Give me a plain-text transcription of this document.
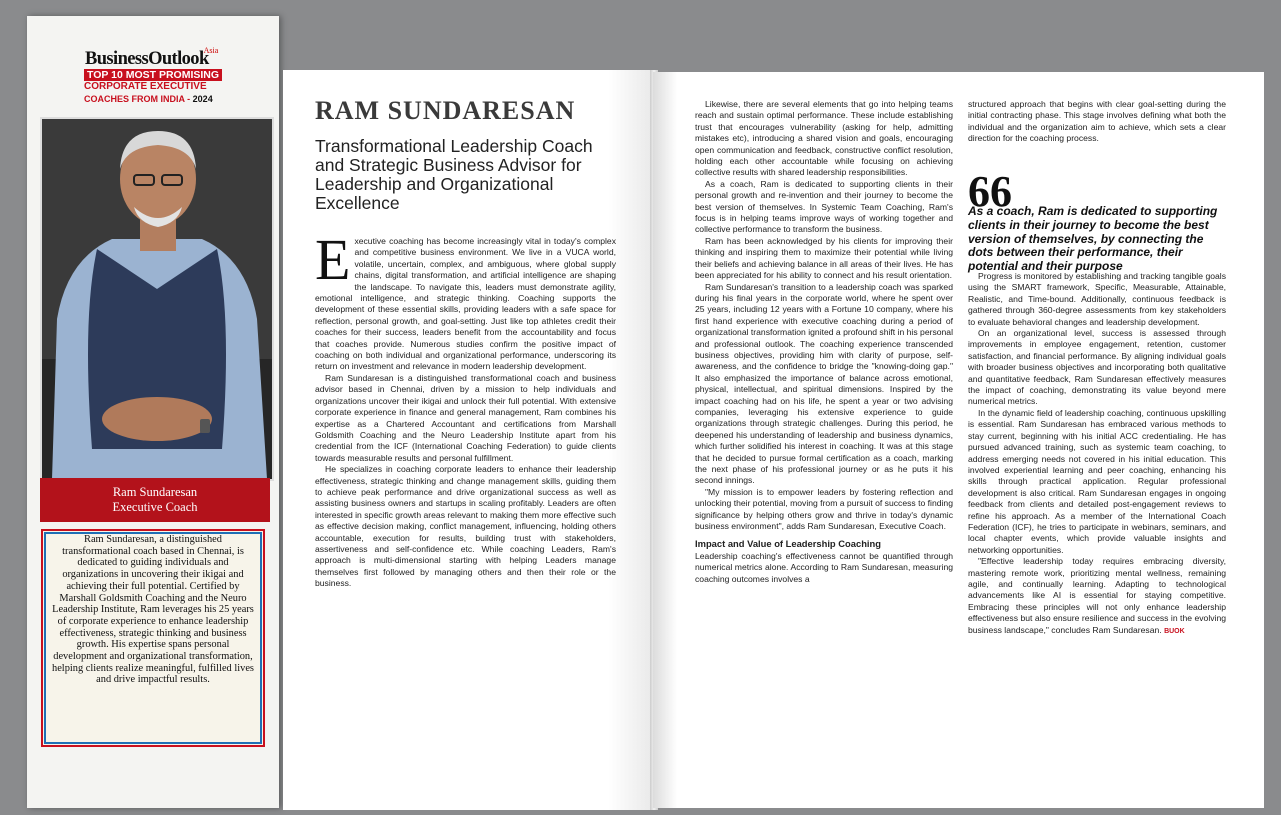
Asia
BusinessOutlook
TOP 10 MOST PROMISING
CORPORATE EXECUTIVE
COACHES FROM INDIA - 2024
Ram Sundaresan
Executive Coach
Ram Sundaresan, a distinguished transformational coach based in Chennai, is dedicated to guiding individuals and organizations in uncovering their ikigai and achieving their full potential. Certified by Marshall Goldsmith Coaching and the Neuro Leadership Institute, Ram leverages his 25 years of corporate experience to enhance leadership effectiveness, strategic thinking and business growth. His expertise spans personal development and organizational transformation, helping clients realize meaningful, fulfilled lives and drive impactful results.
RAM SUNDARESAN
Transformational Leadership Coach and Strategic Business Advisor for Leadership and Organizational Excellence

Executive coaching has become increasingly vital in today's complex and competitive business environment. We live in a VUCA world, volatile, uncertain, complex, and ambiguous, where global supply chains, digital transformation, and artificial intelligence are shaping the landscape. To navigate this, leaders must demonstrate agility, emotional intelligence, and strategic thinking. Coaching supports the development of these essential skills, providing leaders with a safe space for reflection, personal growth, and goal-setting. Just like top athletes credit their coaches for their success, leaders benefit from the accountability and focus that coaches provide. Numerous studies confirm the positive impact of coaching on both individual and organizational performance, underscoring its return on investment and relevance in modern leadership development.

Ram Sundaresan is a distinguished transformational coach and business advisor based in Chennai, driven by a mission to help individuals and organizations uncover their ikigai and unlock their full potential. With extensive corporate experience in finance and general management, Ram combines his expertise as a Chartered Accountant and certifications from Marshall Goldsmith Coaching and the Neuro Leadership Institute apart from his credential from the ICF (International Coaching Federation) to guide clients towards measurable results and personal fulfillment.

He specializes in coaching corporate leaders to enhance their leadership effectiveness, strategic thinking and change management skills, guiding them to achieve peak performance and drive organizational success as well as assisting business owners and startups in scaling profitably. Leaders are often interested in specific growth areas relevant to making them more effective such as effective decision making, conflict management, influencing, holding others accountable, execution for results, building trust with stakeholders, assertiveness and self-confidence etc. While coaching Leaders, Ram's approach is multi-dimensional starting with helping Leaders manage themselves first followed by managing others and then their role or the business.

Likewise, there are several elements that go into helping teams reach and sustain optimal performance. These include establishing trust that encourages vulnerability (asking for help, admitting mistakes etc), introducing a shared vision and goals, encouraging open communication and feedback, constructive conflict resolution, holding each other accountable while focusing on achieving collective results with shared leadership responsibilities.

As a coach, Ram is dedicated to supporting clients in their personal growth and re-invention and their journey to become the best version of themselves. In Systemic Team Coaching, Ram's focus is in helping teams improve ways of working together and collective performance to transform the business.

Ram has been acknowledged by his clients for improving their thinking and inspiring them to maximize their potential while living their beliefs and achieving balance in all areas of their lives. He has been appreciated for his ability to connect and his result orientation.

Ram Sundaresan's transition to a leadership coach was sparked during his final years in the corporate world, where he spent over 25 years, including 12 years with a Fortune 10 company, where his first hand experience with executive coaching during a period of organizational transformation ignited a profound shift in his personal and professional outlook. The coaching experience transcended business objectives, providing him with clarity of purpose, self-awareness, and the confidence to bridge the "knowing-doing gap." It also emphasized the importance of balance across emotional, physical, intellectual, and spiritual dimensions. Inspired by the impact coaching had on his life, he spent a year or two advising companies, leveraging his extensive experience to guide organizations through strategic challenges. During this period, he deepened his understanding of leadership and business dynamics, which further solidified his interest in coaching. It was at this stage that he decided to pursue formal certification as a coach, marking the next phase of his professional journey or as he puts it his second innings.

"My mission is to empower leaders by fostering reflection and unlocking their potential, moving from a pursuit of success to finding significance by helping others grow and thrive in today's dynamic business environment", adds Ram Sundaresan, Executive Coach.

Impact and Value of Leadership Coaching

Leadership coaching's effectiveness cannot be quantified through numerical metrics alone. According to Ram Sundaresan, measuring coaching outcomes involves a

structured approach that begins with clear goal-setting during the initial contracting phase. This stage involves defining what both the individual and the organization aim to achieve, which sets a clear direction for the coaching process.

66
As a coach, Ram is dedicated to supporting clients in their journey to become the best version of themselves, by connecting the dots between their performance, their potential and their purpose

Progress is monitored by establishing and tracking tangible goals using the SMART framework, Specific, Measurable, Attainable, Realistic, and Time-bound. Additionally, continuous feedback is gathered through 360-degree assessments from key stakeholders to evaluate behavioral changes and leadership development.

On an organizational level, success is assessed through improvements in employee engagement, retention, customer satisfaction, and financial performance. By aligning individual goals with broader business objectives and incorporating both qualitative and quantitative feedback, Ram Sundaresan effectively measures the impact of coaching, demonstrating its value beyond mere numerical metrics.

In the dynamic field of leadership coaching, continuous upskilling is essential. Ram Sundaresan has embraced various methods to stay current, beginning with his initial ACC credentialing. He has pursued advanced training, such as systemic team coaching, to address emerging needs not covered in his initial education. This involved experiential learning and peer coaching, enhancing his skills through practical application. Regular professional development is also critical. Ram Sundaresan engages in ongoing feedback from clients and detailed post-engagement reviews to refine his approach. As a member of the International Coach Federation (ICF), he tries to participate in webinars, seminars, and local chapter events, which provide valuable insights and networking opportunities.

"Effective leadership today requires embracing diversity, mastering remote work, prioritizing mental wellness, remaining agile, and continually learning. Adapting to technological advancements like AI is essential for staying competitive. Embracing these principles will not only enhance leadership effectiveness but also ensure resilience and success in the evolving business landscape," concludes Ram Sundaresan. BUOK
